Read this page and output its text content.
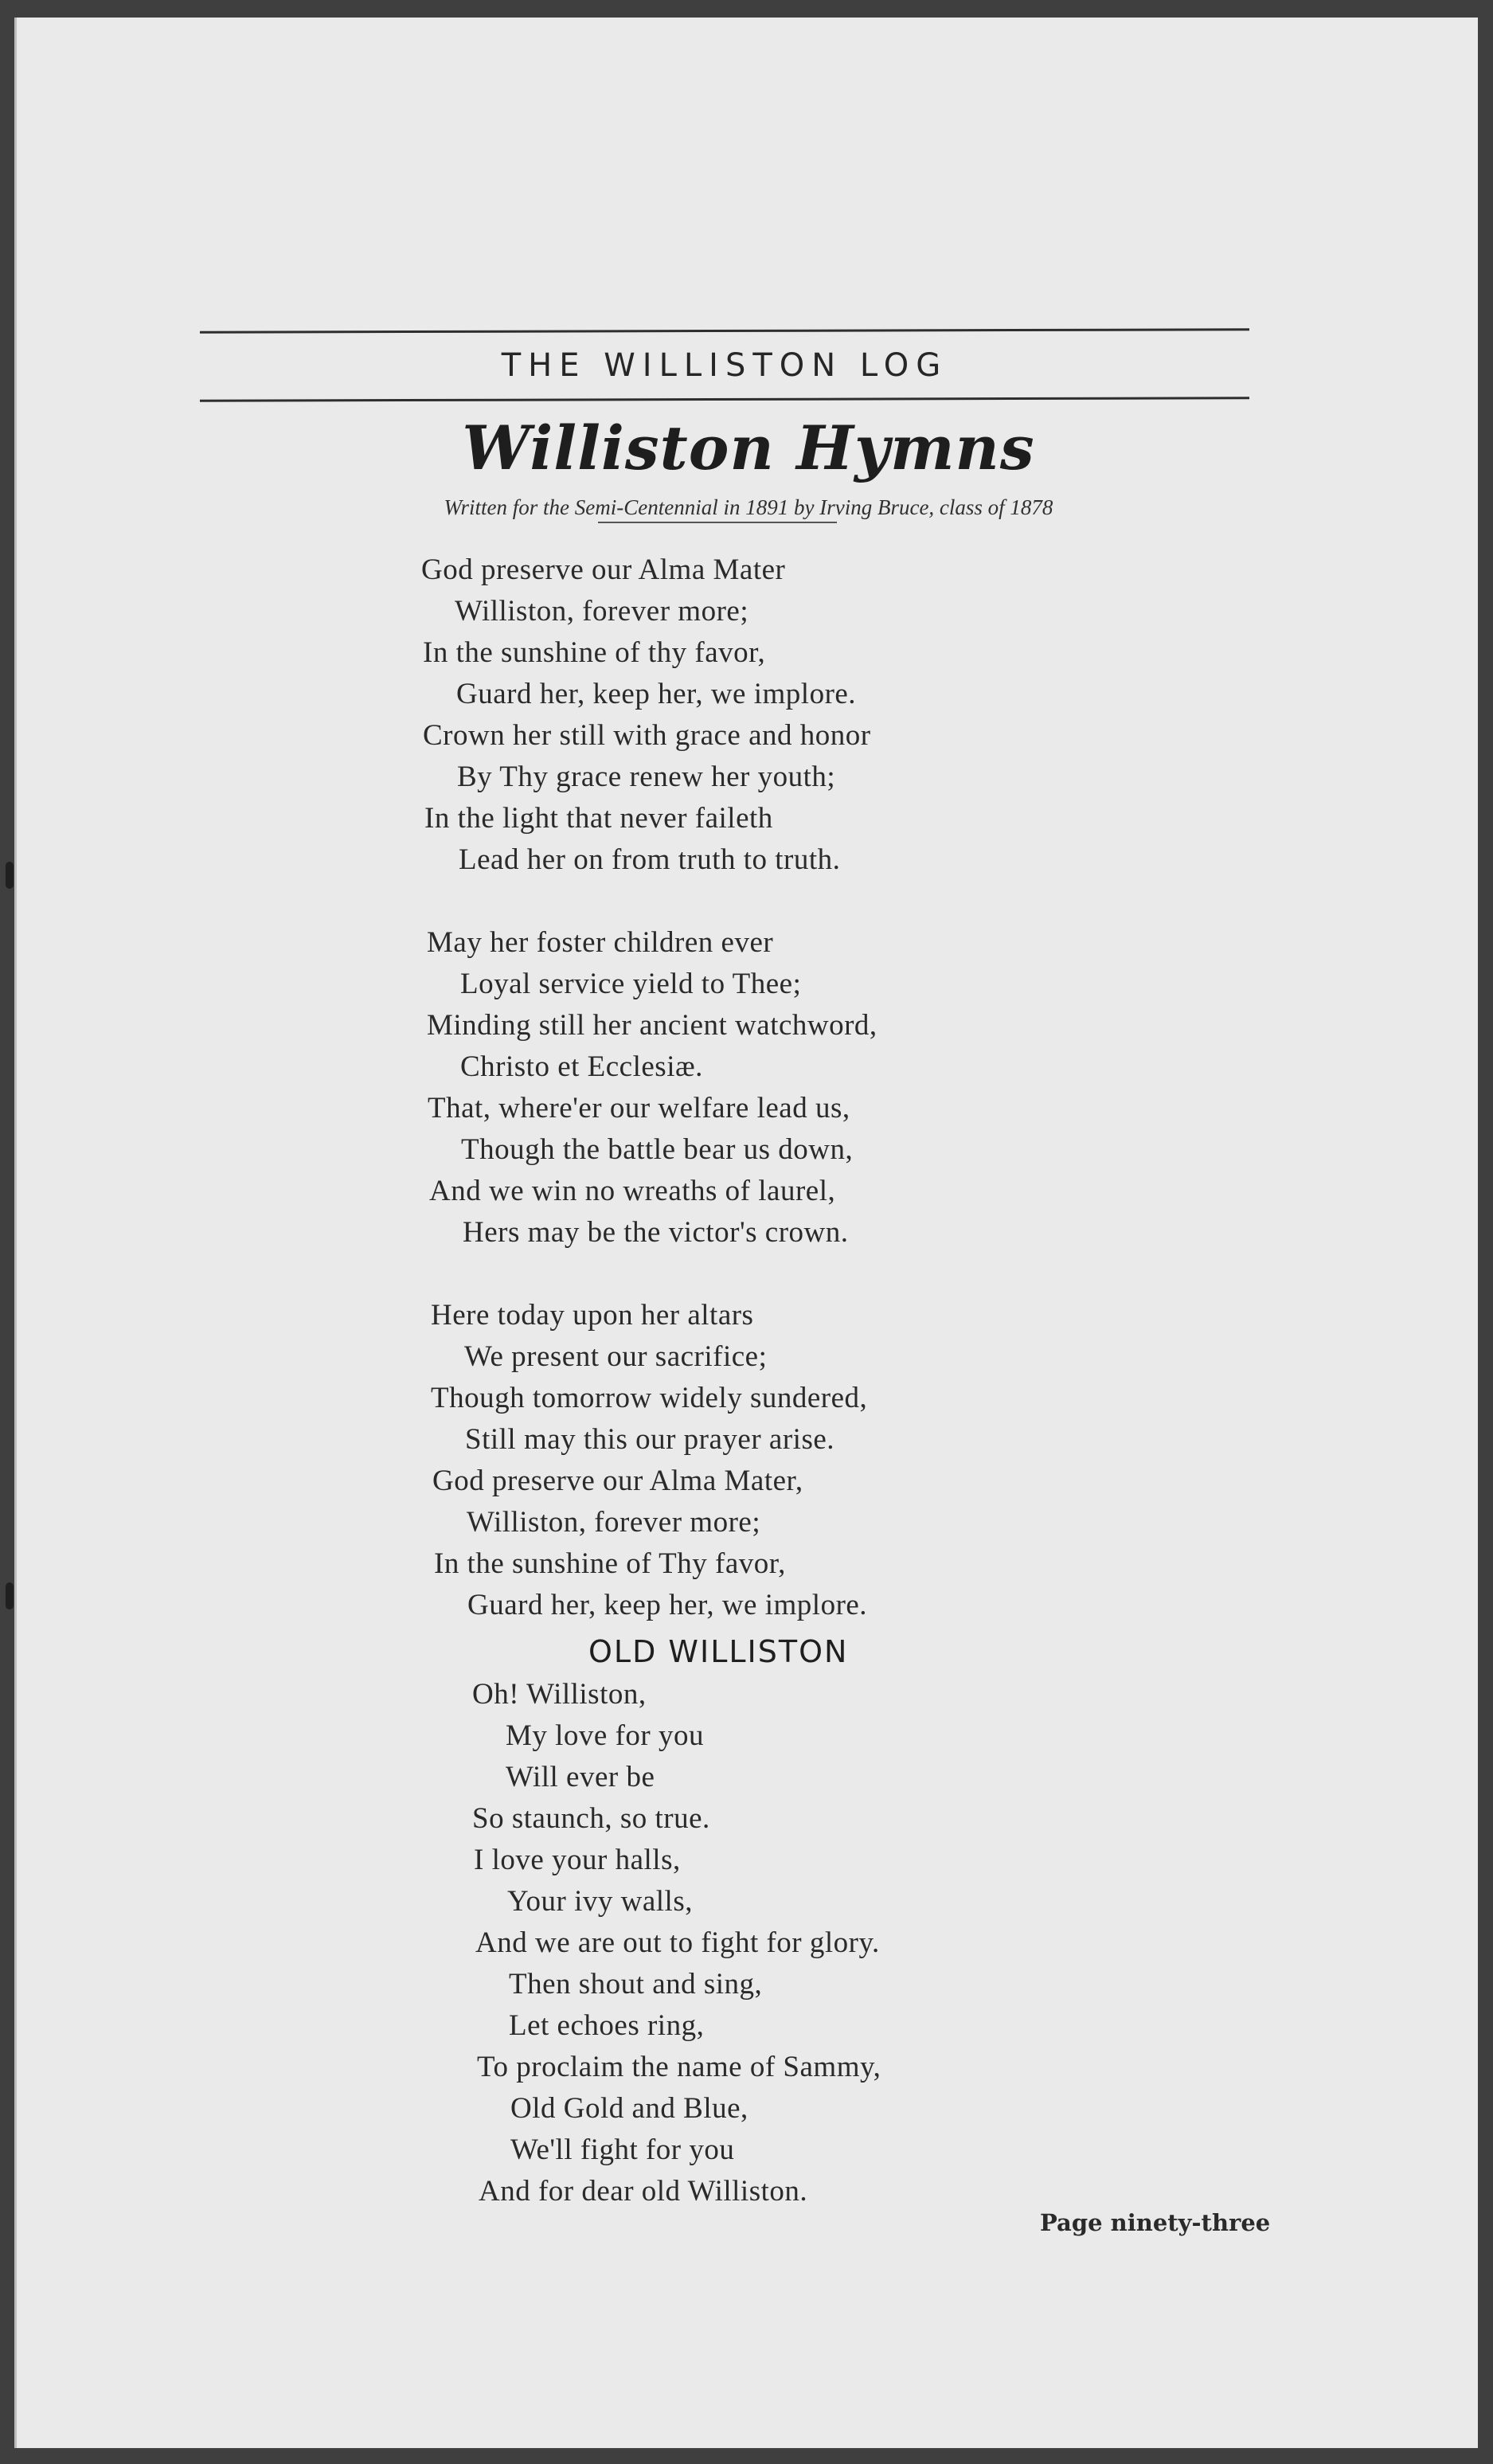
THE WILLISTON LOG
Williston Hymns
Written for the Semi-Centennial in 1891 by Irving Bruce, class of 1878
God preserve our Alma Mater
Williston, forever more;
In the sunshine of thy favor,
Guard her, keep her, we implore.
Crown her still with grace and honor
By Thy grace renew her youth;
In the light that never faileth
Lead her on from truth to truth.
May her foster children ever
Loyal service yield to Thee;
Minding still her ancient watchword,
Christo et Ecclesiæ.
That, where'er our welfare lead us,
Though the battle bear us down,
And we win no wreaths of laurel,
Hers may be the victor's crown.
Here today upon her altars
We present our sacrifice;
Though tomorrow widely sundered,
Still may this our prayer arise.
God preserve our Alma Mater,
Williston, forever more;
In the sunshine of Thy favor,
Guard her, keep her, we implore.
OLD WILLISTON
Oh! Williston,
My love for you
Will ever be
So staunch, so true.
I love your halls,
Your ivy walls,
And we are out to fight for glory.
Then shout and sing,
Let echoes ring,
To proclaim the name of Sammy,
Old Gold and Blue,
We'll fight for you
And for dear old Williston.
Page ninety-three
